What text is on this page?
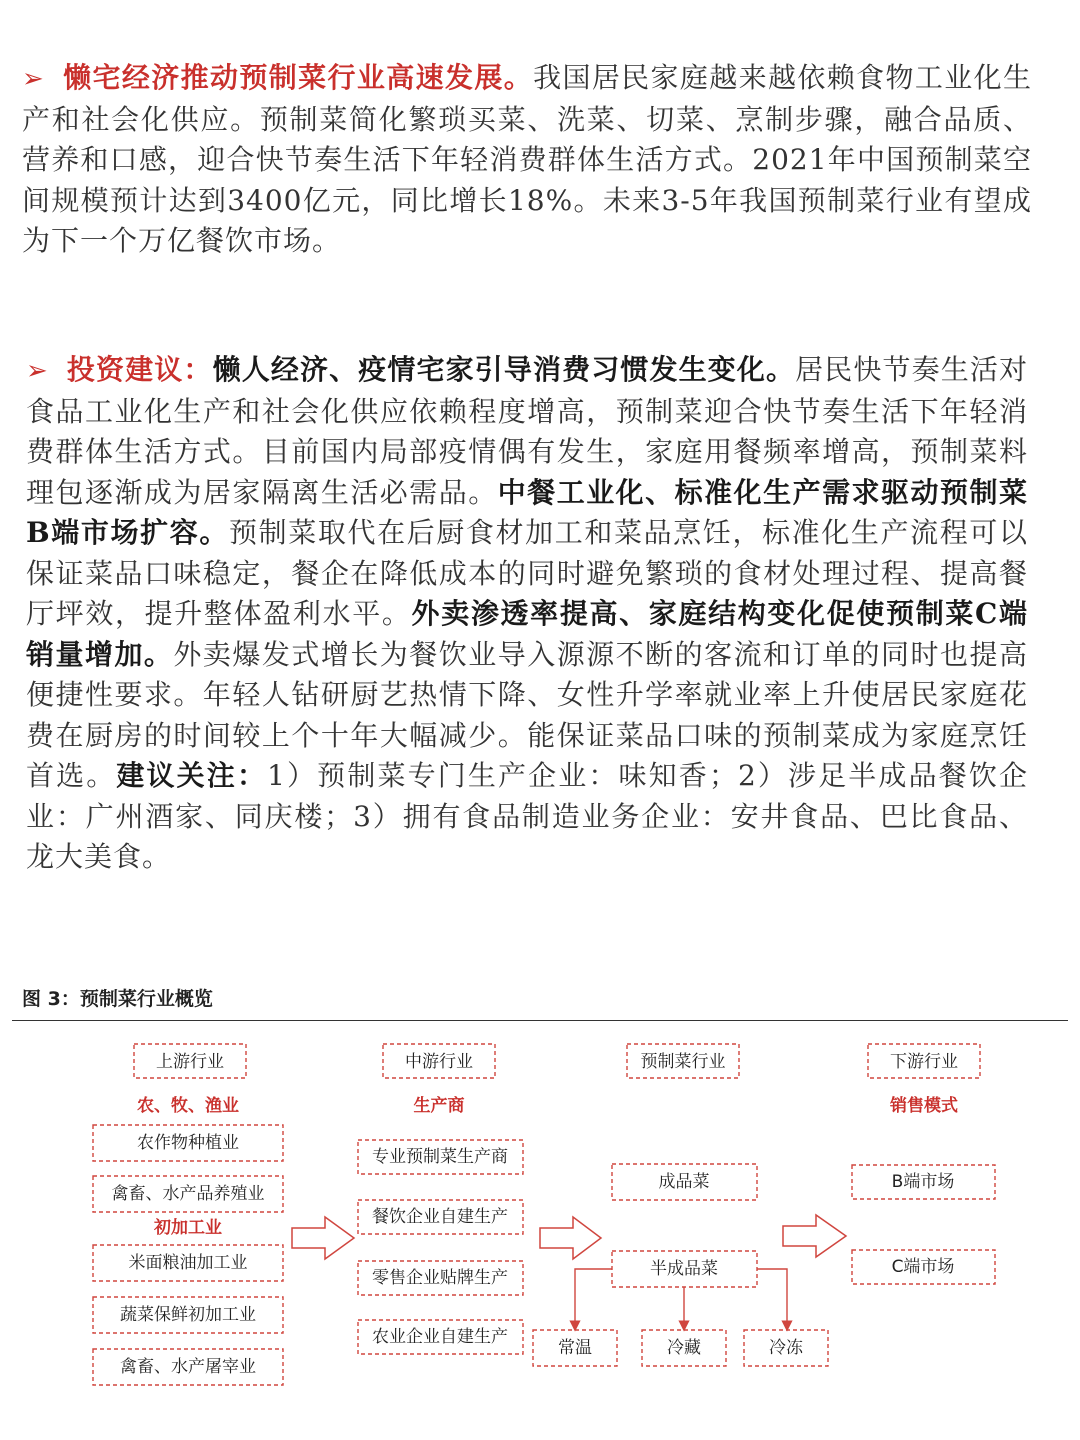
➢ 懒宅经济推动预制菜行业高速发展。我国居民家庭越来越依赖食物工业化生产和社会化供应。预制菜简化繁琐买菜、洗菜、切菜、烹制步骤，融合品质、营养和口感，迎合快节奏生活下年轻消费群体生活方式。2021年中国预制菜空间规模预计达到3400亿元，同比增长18%。未来3-5年我国预制菜行业有望成为下一个万亿餐饮市场。
➢ 投资建议：懒人经济、疫情宅家引导消费习惯发生变化。居民快节奏生活对食品工业化生产和社会化供应依赖程度增高，预制菜迎合快节奏生活下年轻消费群体生活方式。目前国内局部疫情偶有发生，家庭用餐频率增高，预制菜料理包逐渐成为居家隔离生活必需品。中餐工业化、标准化生产需求驱动预制菜B端市场扩容。预制菜取代在后厨食材加工和菜品烹饪，标准化生产流程可以保证菜品口味稳定，餐企在降低成本的同时避免繁琐的食材处理过程、提高餐厅坪效，提升整体盈利水平。外卖渗透率提高、家庭结构变化促使预制菜C端销量增加。外卖爆发式增长为餐饮业导入源源不断的客流和订单的同时也提高便捷性要求。年轻人钻研厨艺热情下降、女性升学率就业率上升使居民家庭花费在厨房的时间较上个十年大幅减少。能保证菜品口味的预制菜成为家庭烹饪首选。建议关注：1）预制菜专门生产企业：味知香；2）涉足半成品餐饮企业：广州酒家、同庆楼；3）拥有食品制造业务企业：安井食品、巴比食品、龙大美食。
图 3：预制菜行业概览
上游行业	中游行业	预制菜行业	下游行业
农、牧、渔业
初加工业
生产商	销售模式
农作物种植业
禽畜、水产品养殖业
米面粮油加工业
蔬菜保鲜初加工业
禽畜、水产屠宰业
专业预制菜生产商
餐饮企业自建生产
零售企业贴牌生产
农业企业自建生产
成品菜
半成品菜
常温	冷藏	冷冻
B端市场
C端市场
